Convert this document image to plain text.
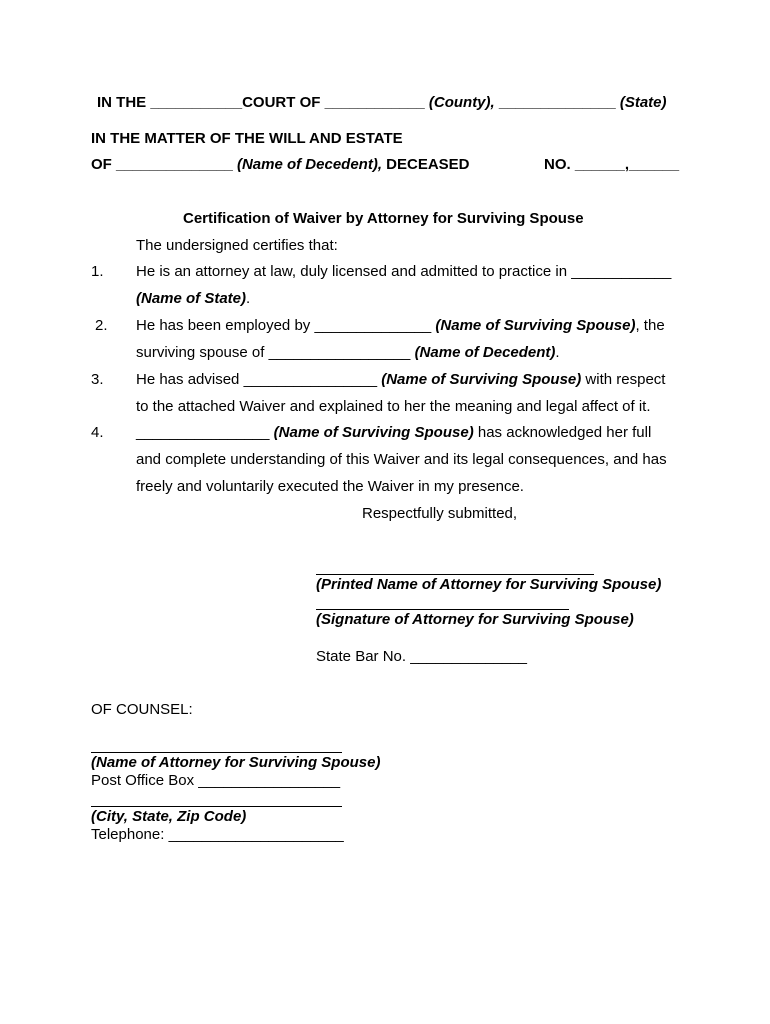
IN THE ___________COURT OF ____________ (County), ______________ (State)
IN THE MATTER OF THE WILL AND ESTATE
OF ______________ (Name of Decedent), DECEASED	NO. ______,______
Certification of Waiver by Attorney for Surviving Spouse
The undersigned certifies that:
1. He is an attorney at law, duly licensed and admitted to practice in ____________
(Name of State).
2. He has been employed by ______________ (Name of Surviving Spouse), the
surviving spouse of _________________ (Name of Decedent).
3. He has advised ________________ (Name of Surviving Spouse) with respect
to the attached Waiver and explained to her the meaning and legal affect of it.
4. ________________ (Name of Surviving Spouse) has acknowledged her full
and complete understanding of this Waiver and its legal consequences, and has
freely and voluntarily executed the Waiver in my presence.
Respectfully submitted,
(Printed Name of Attorney for Surviving Spouse)
(Signature of Attorney for Surviving Spouse)
State Bar No. ______________
OF COUNSEL:
(Name of Attorney for Surviving Spouse)
Post Office Box _________________
(City, State, Zip Code)
Telephone: _____________________
